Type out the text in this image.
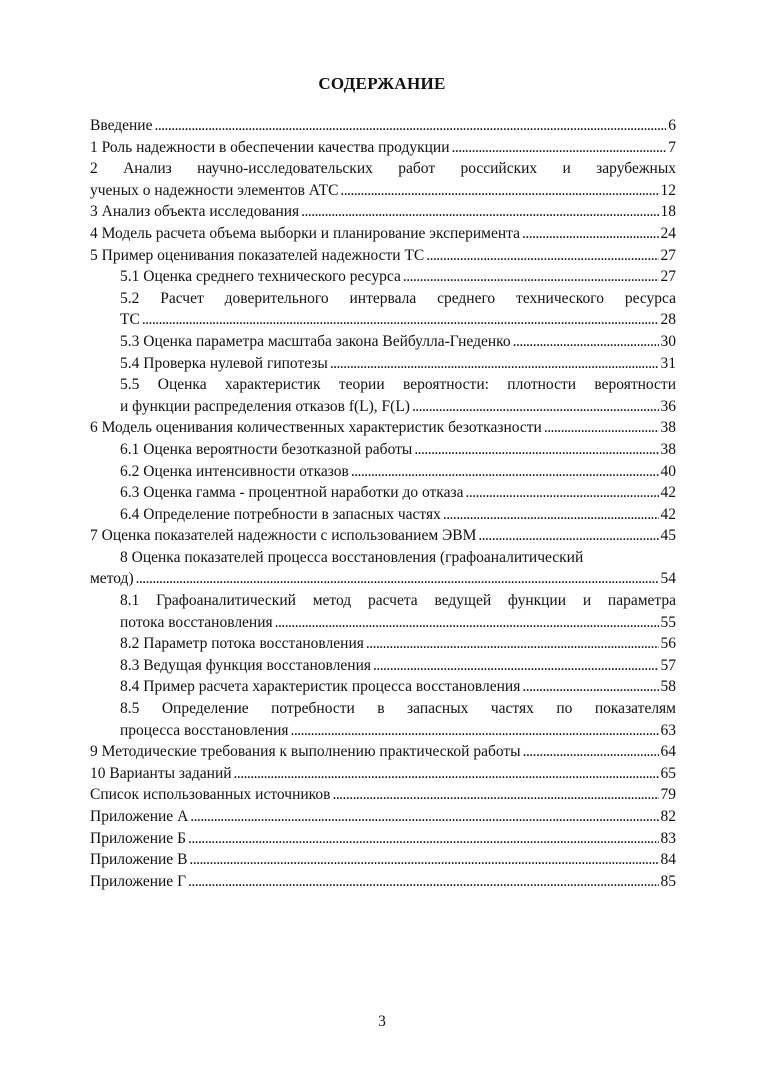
СОДЕРЖАНИЕ
Введение . . .	6
1 Роль надежности в обеспечении качества продукции . . .	7
2 Анализ научно-исследовательских работ российских и зарубежных
ученых о надежности элементов АТС . . .	12
3 Анализ объекта исследования . . .	18
4 Модель расчета объема выборки и планирование эксперимента . . .	24
5 Пример оценивания показателей надежности ТС . . .	27
5.1 Оценка среднего технического ресурса . . .	27
5.2 Расчет доверительного интервала среднего технического ресурса
ТС . . .	28
5.3 Оценка параметра масштаба закона Вейбулла-Гнеденко . . .	30
5.4 Проверка нулевой гипотезы . . .	31
5.5 Оценка характеристик теории вероятности: плотности вероятности
и функции распределения отказов f(L), F(L) . . .	36
6 Модель оценивания количественных характеристик безотказности . . .	38
6.1 Оценка вероятности безотказной работы . . .	38
6.2 Оценка интенсивности отказов . . .	40
6.3 Оценка гамма - процентной наработки до отказа . . .	42
6.4 Определение потребности в запасных частях . . .	42
7 Оценка показателей надежности с использованием ЭВМ . . .	45
8 Оценка показателей процесса восстановления (графоаналитический
метод) . . .	54
8.1 Графоаналитический метод расчета ведущей функции и параметра
потока восстановления . . .	55
8.2 Параметр потока восстановления . . .	56
8.3 Ведущая функция восстановления . . .	57
8.4 Пример расчета характеристик процесса восстановления . . .	58
8.5 Определение потребности в запасных частях по показателям
процесса восстановления . . .	63
9 Методические требования к выполнению практической работы . . .	64
10 Варианты заданий . . .	65
Список использованных источников . . .	79
Приложение А . . .	82
Приложение Б . . .	83
Приложение В . . .	84
Приложение Г . . .	85
3
